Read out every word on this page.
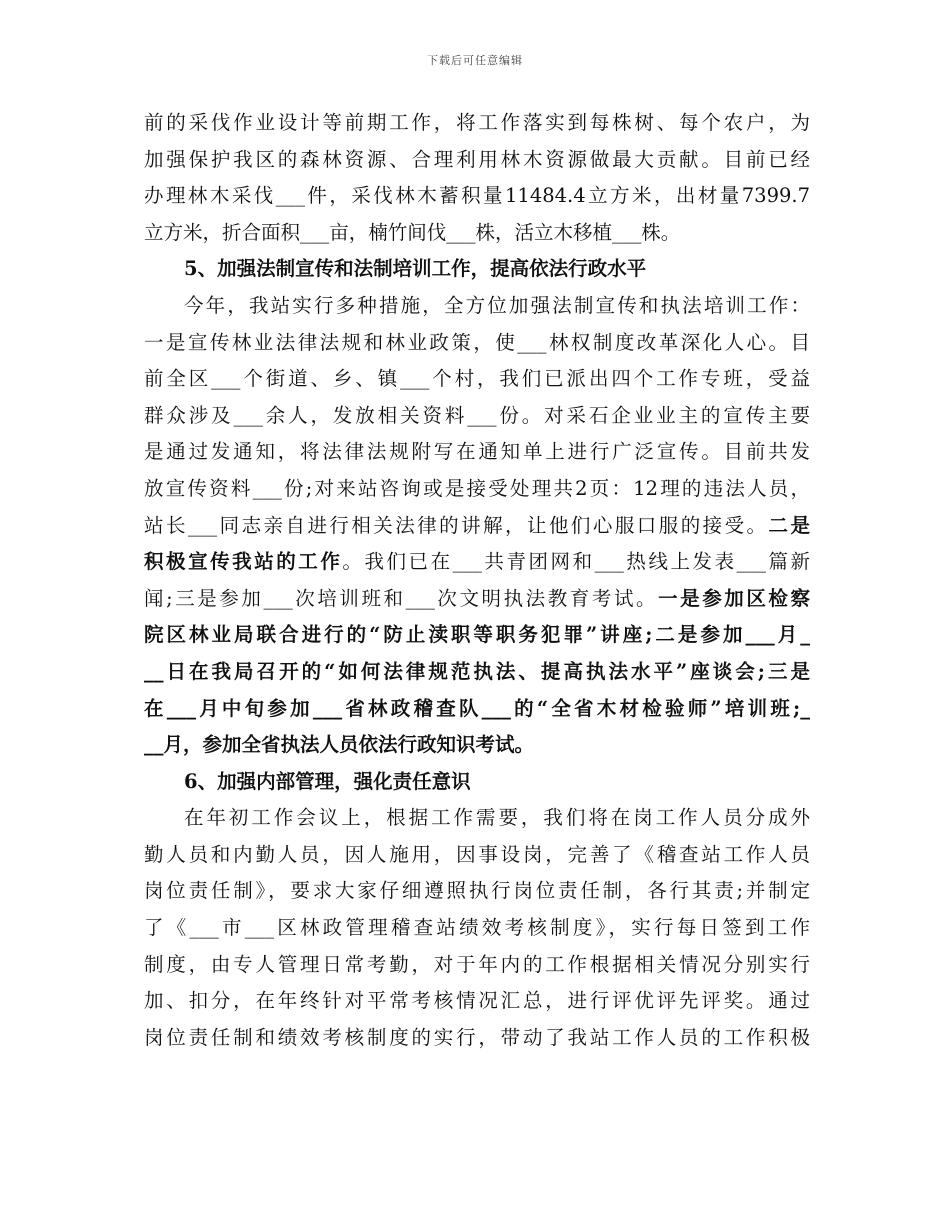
下载后可任意编辑
前的采伐作业设计等前期工作，将工作落实到每株树、每个农户，为
加强保护我区的森林资源、合理利用林木资源做最大贡献。目前已经
办理林木采伐___件，采伐林木蓄积量11484.4立方米，出材量7399.7
立方米，折合面积___亩，楠竹间伐___株，活立木移植___株。
5、加强法制宣传和法制培训工作，提高依法行政水平
今年，我站实行多种措施，全方位加强法制宣传和执法培训工作：
一是宣传林业法律法规和林业政策，使___林权制度改革深化人心。目
前全区___个街道、乡、镇___个村，我们已派出四个工作专班，受益
群众涉及___余人，发放相关资料___份。对采石企业业主的宣传主要
是通过发通知，将法律法规附写在通知单上进行广泛宣传。目前共发
放宣传资料___份;对来站咨询或是接受处理共2页：12理的违法人员，
站长___同志亲自进行相关法律的讲解，让他们心服口服的接受。二是
积极宣传我站的工作。我们已在___共青团网和___热线上发表___篇新
闻;三是参加___次培训班和___次文明执法教育考试。一是参加区检察
院区林业局联合进行的“防止渎职等职务犯罪”讲座;二是参加___月_
__日在我局召开的“如何法律规范执法、提高执法水平”座谈会;三是
在___月中旬参加___省林政稽查队___的“全省木材检验师”培训班;_
__月，参加全省执法人员依法行政知识考试。
6、加强内部管理，强化责任意识
在年初工作会议上，根据工作需要，我们将在岗工作人员分成外
勤人员和内勤人员，因人施用，因事设岗，完善了《稽查站工作人员
岗位责任制》，要求大家仔细遵照执行岗位责任制，各行其责;并制定
了《___市___区林政管理稽查站绩效考核制度》，实行每日签到工作
制度，由专人管理日常考勤，对于年内的工作根据相关情况分别实行
加、扣分，在年终针对平常考核情况汇总，进行评优评先评奖。通过
岗位责任制和绩效考核制度的实行，带动了我站工作人员的工作积极
